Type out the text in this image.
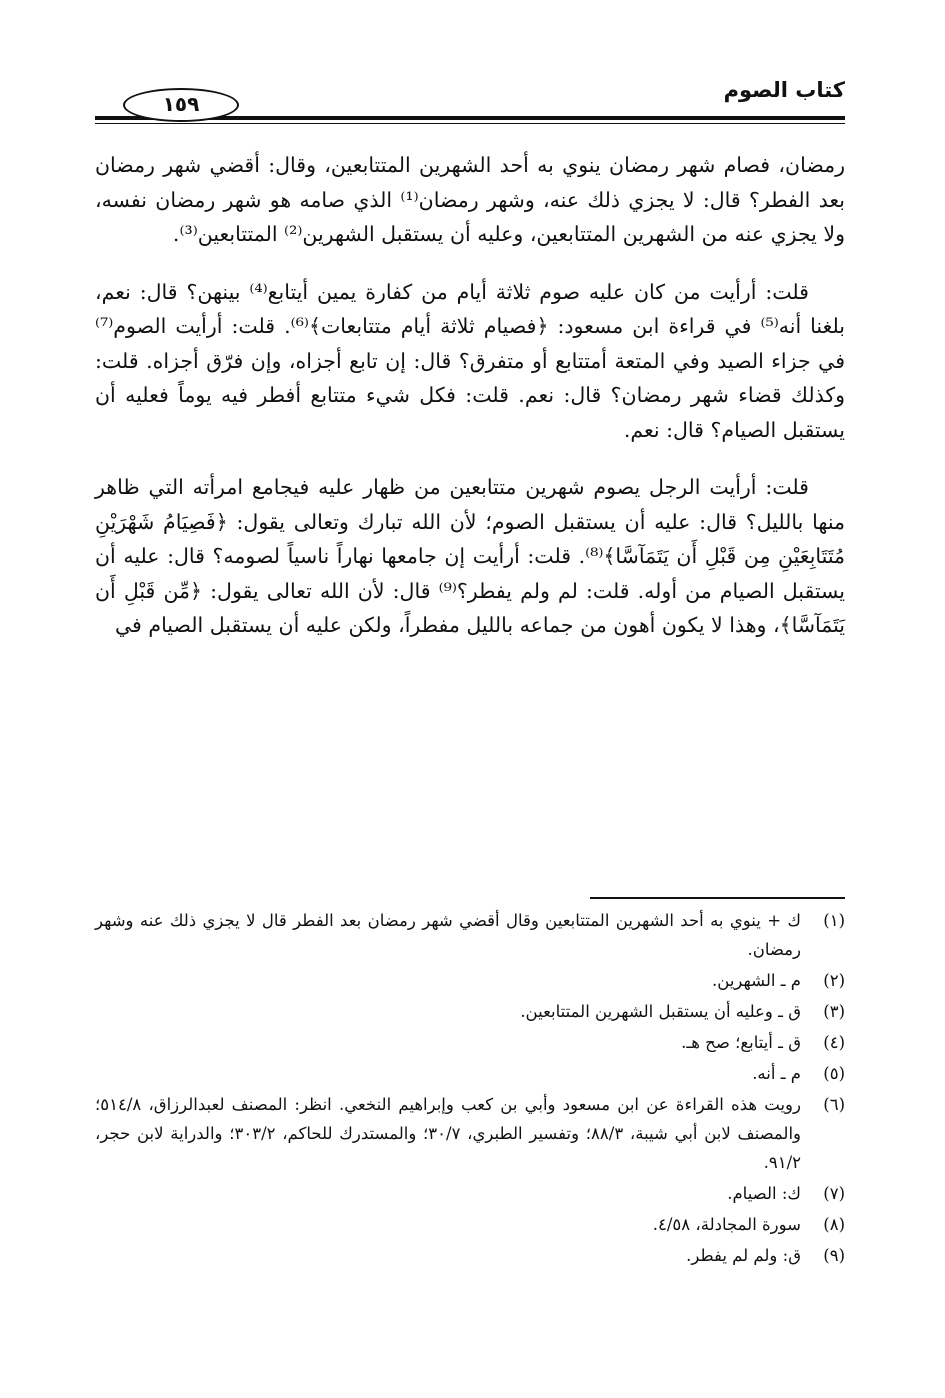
كتاب الصوم
١٥٩

رمضان، فصام شهر رمضان ينوي به أحد الشهرين المتتابعين، وقال: أقضي شهر رمضان بعد الفطر؟ قال: لا يجزي ذلك عنه، وشهر رمضان⁽¹⁾ الذي صامه هو شهر رمضان نفسه، ولا يجزي عنه من الشهرين المتتابعين، وعليه أن يستقبل الشهرين⁽²⁾ المتتابعين⁽³⁾.

قلت: أرأيت من كان عليه صوم ثلاثة أيام من كفارة يمين أيتابع⁽⁴⁾ بينهن؟ قال: نعم، بلغنا أنه⁽⁵⁾ في قراءة ابن مسعود: ﴿فصيام ثلاثة أيام متتابعات﴾⁽⁶⁾. قلت: أرأيت الصوم⁽⁷⁾ في جزاء الصيد وفي المتعة أمتتابع أو متفرق؟ قال: إن تابع أجزاه، وإن فرّق أجزاه. قلت: وكذلك قضاء شهر رمضان؟ قال: نعم. قلت: فكل شيء متتابع أفطر فيه يوماً فعليه أن يستقبل الصيام؟ قال: نعم.

قلت: أرأيت الرجل يصوم شهرين متتابعين من ظهار عليه فيجامع امرأته التي ظاهر منها بالليل؟ قال: عليه أن يستقبل الصوم؛ لأن الله تبارك وتعالى يقول: ﴿فَصِيَامُ شَهْرَيْنِ مُتَتَابِعَيْنِ مِن قَبْلِ أَن يَتَمَآسَّا﴾⁽⁸⁾. قلت: أرأيت إن جامعها نهاراً ناسياً لصومه؟ قال: عليه أن يستقبل الصيام من أوله. قلت: لم ولم يفطر؟⁽⁹⁾ قال: لأن الله تعالى يقول: ﴿مِّن قَبْلِ أَن يَتَمَآسَّا﴾، وهذا لا يكون أهون من جماعه بالليل مفطراً، ولكن عليه أن يستقبل الصيام في

(١)
ك + ينوي به أحد الشهرين المتتابعين وقال أقضي شهر رمضان بعد الفطر قال لا يجزي ذلك عنه وشهر رمضان.
(٢)
م ـ الشهرين.
(٣)
ق ـ وعليه أن يستقبل الشهرين المتتابعين.
(٤)
ق ـ أيتابع؛ صح هـ.
(٥)
م ـ أنه.
(٦)
رويت هذه القراءة عن ابن مسعود وأبي بن كعب وإبراهيم النخعي. انظر: المصنف لعبدالرزاق، ٥١٤/٨؛ والمصنف لابن أبي شيبة، ٨٨/٣؛ وتفسير الطبري، ٣٠/٧؛ والمستدرك للحاكم، ٣٠٣/٢؛ والدراية لابن حجر، ٩١/٢.
(٧)
ك: الصيام.
(٨)
سورة المجادلة، ٤/٥٨.
(٩)
ق: ولم لم يفطر.
